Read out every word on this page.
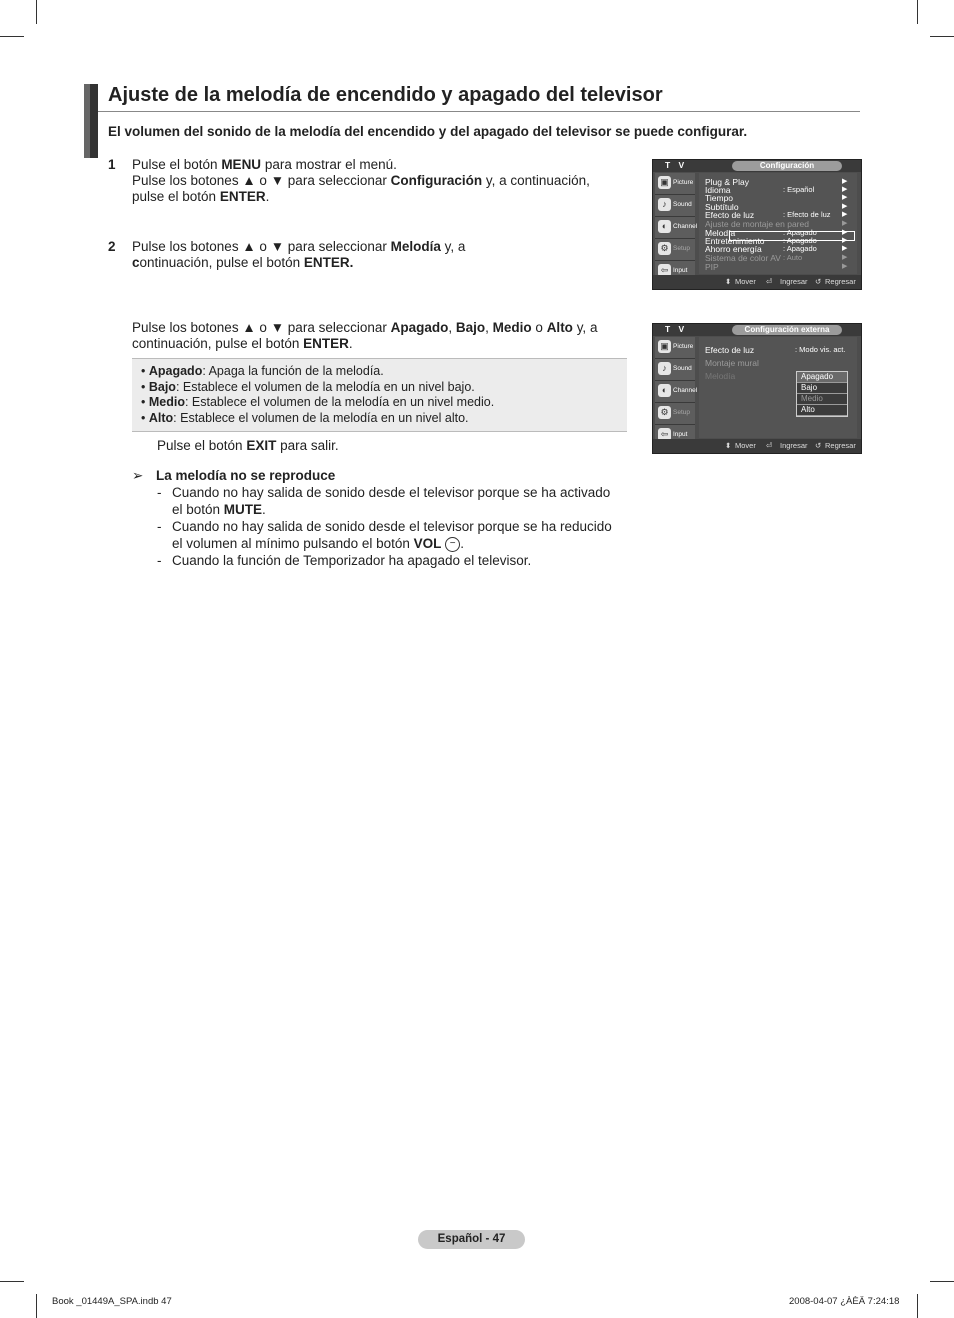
Ajuste de la melodía de encendido y apagado del televisor
El volumen del sonido de la melodía del encendido y del apagado del televisor se puede configurar.
1 Pulse el botón MENU para mostrar el menú.
Pulse los botones ▲ o ▼ para seleccionar Configuración y, a continuación,
pulse el botón ENTER.
2 Pulse los botones ▲ o ▼ para seleccionar Melodía y, a
continuación, pulse el botón ENTER.
Pulse los botones ▲ o ▼ para seleccionar Apagado, Bajo, Medio o Alto y, a
continuación, pulse el botón ENTER.
• Apagado: Apaga la función de la melodía.
• Bajo: Establece el volumen de la melodía en un nivel bajo.
• Medio: Establece el volumen de la melodía en un nivel medio.
• Alto: Establece el volumen de la melodía en un nivel alto.
Pulse el botón EXIT para salir.
➢ La melodía no se reproduce
- Cuando no hay salida de sonido desde el televisor porque se ha activado
el botón MUTE.
- Cuando no hay salida de sonido desde el televisor porque se ha reducido
el volumen al mínimo pulsando el botón VOL − .
- Cuando la función de Temporizador ha apagado el televisor.
T V	Configuración
▣ Picture
♪ Sound
◐ Channel
⚙ Setup
⇦ Input
Plug & Play	▶
Idioma	: Español	▶
Tiempo	▶
Subtítulo	▶
Efecto de luz	: Efecto de luz ▶
Ajuste de montaje en pared	▶
Melodía	: Apagado	▶
Entretenimiento : Apagado	▶
Ahorro energía	: Apagado	▶
Sistema de color AV : Auto	▶
PIP	▶
⬍ Mover ⏎ Ingresar ↺ Regresar
T V	Configuración externa
▣ Picture
♪ Sound
◐ Channel
⚙ Setup
⇦ Input
Efecto de luz	: Modo vis. act.
Montaje mural
Melodía	Apagado
Bajo
Medio
Alto
⬍ Mover ⏎ Ingresar ↺ Regresar
Español - 47
Book _01449A_SPA.indb 47	2008-04-07 ¿ÀÈÄ 7:24:18
